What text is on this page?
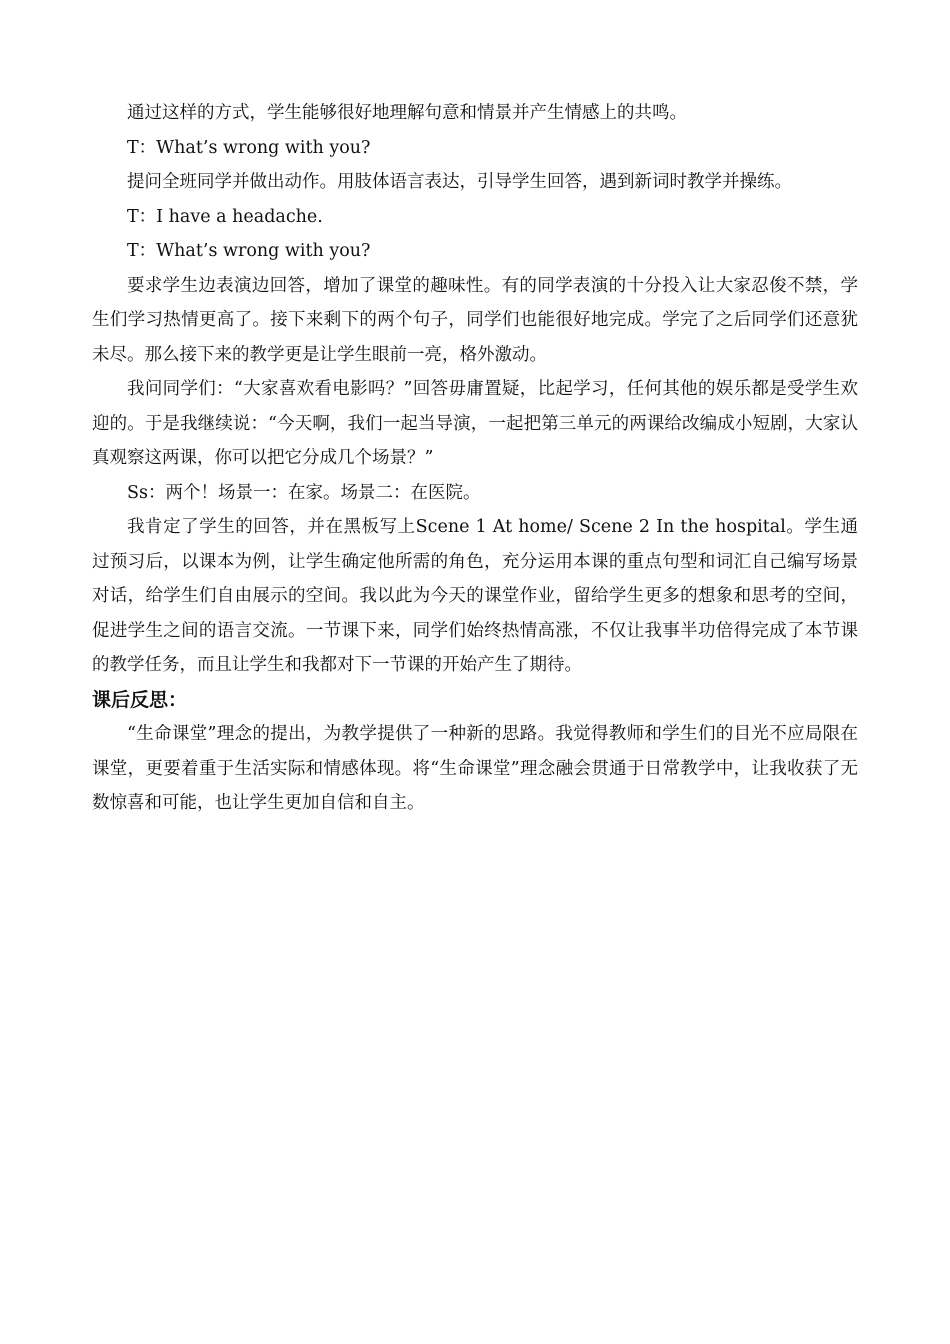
通过这样的方式，学生能够很好地理解句意和情景并产生情感上的共鸣。

T：What’s wrong with you?

提问全班同学并做出动作。用肢体语言表达，引导学生回答，遇到新词时教学并操练。

T：I have a headache.

T：What’s wrong with you?

要求学生边表演边回答，增加了课堂的趣味性。有的同学表演的十分投入让大家忍俊不禁，学生们学习热情更高了。接下来剩下的两个句子，同学们也能很好地完成。学完了之后同学们还意犹未尽。那么接下来的教学更是让学生眼前一亮，格外激动。

我问同学们：“大家喜欢看电影吗？”回答毋庸置疑，比起学习，任何其他的娱乐都是受学生欢迎的。于是我继续说：“今天啊，我们一起当导演，一起把第三单元的两课给改编成小短剧，大家认真观察这两课，你可以把它分成几个场景？”

Ss：两个！场景一：在家。场景二：在医院。

我肯定了学生的回答，并在黑板写上Scene 1 At home/ Scene 2 In the hospital。学生通过预习后，以课本为例，让学生确定他所需的角色，充分运用本课的重点句型和词汇自己编写场景对话，给学生们自由展示的空间。我以此为今天的课堂作业，留给学生更多的想象和思考的空间，促进学生之间的语言交流。一节课下来，同学们始终热情高涨，不仅让我事半功倍得完成了本节课的教学任务，而且让学生和我都对下一节课的开始产生了期待。

课后反思：

“生命课堂”理念的提出，为教学提供了一种新的思路。我觉得教师和学生们的目光不应局限在课堂，更要着重于生活实际和情感体现。将“生命课堂”理念融会贯通于日常教学中，让我收获了无数惊喜和可能，也让学生更加自信和自主。
